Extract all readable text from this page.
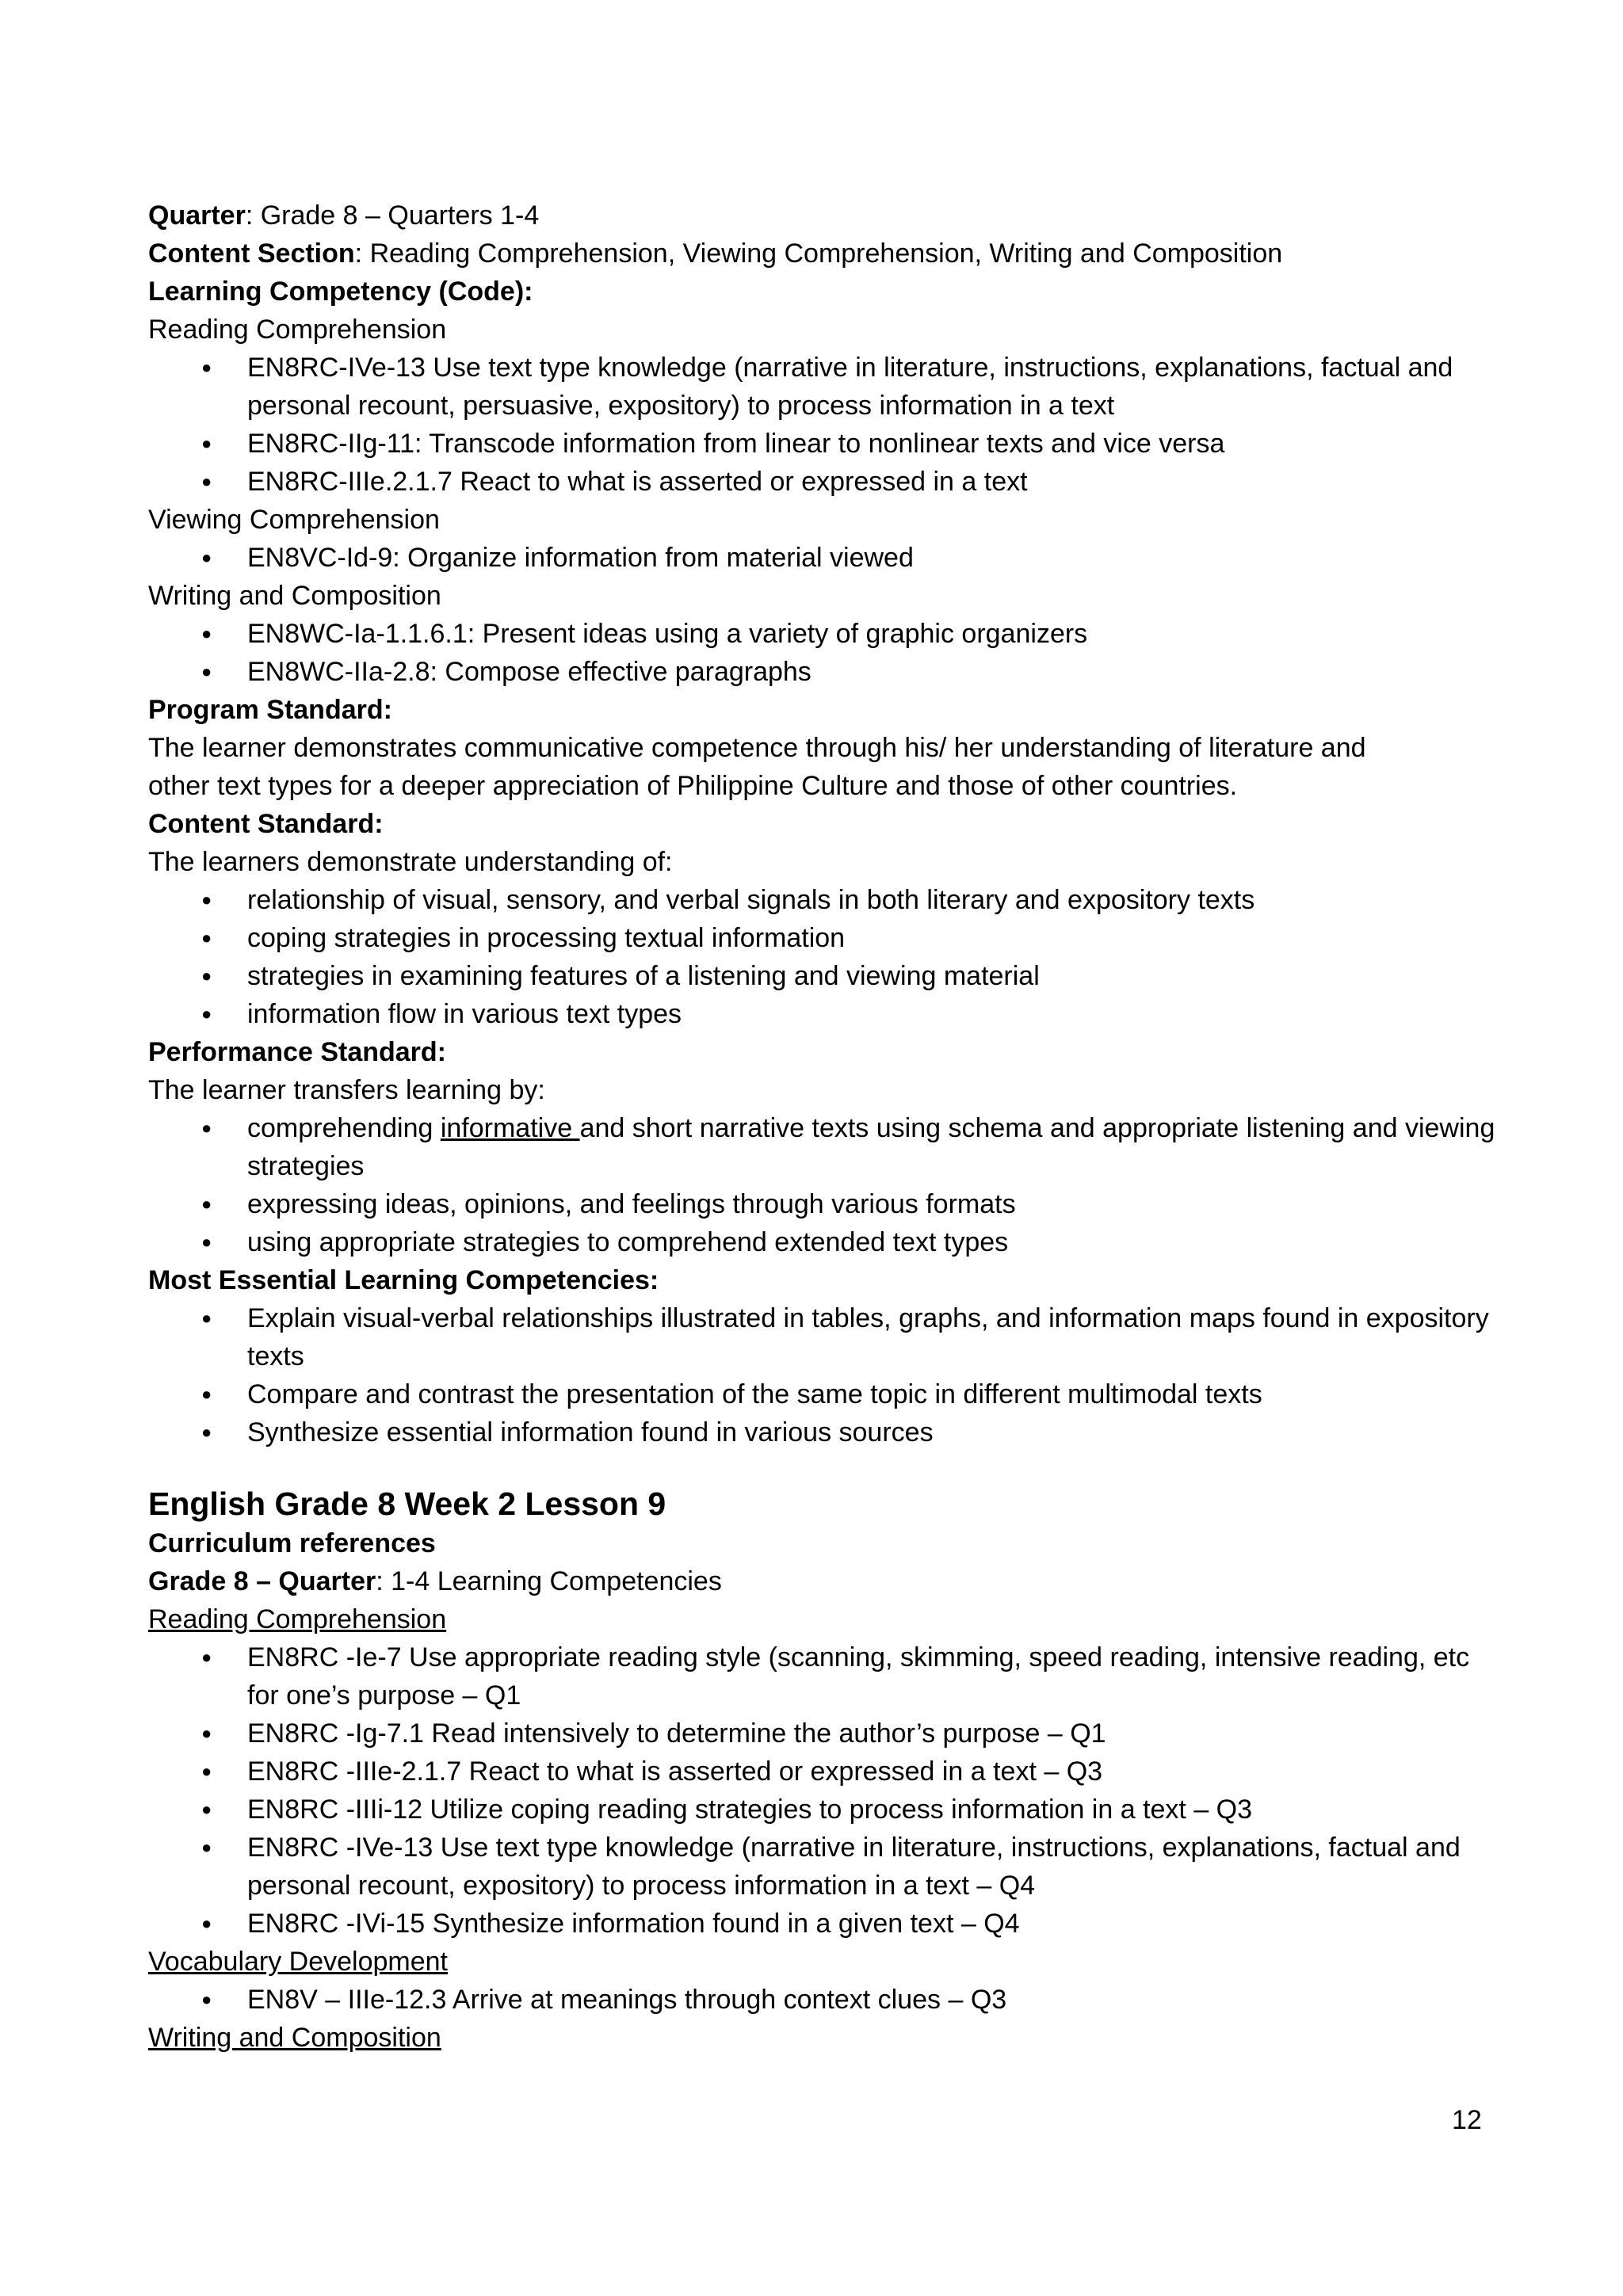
Quarter: Grade 8 – Quarters 1-4

Content Section: Reading Comprehension, Viewing Comprehension, Writing and Composition

Learning Competency (Code):

Reading Comprehension

● EN8RC-IVe-13 Use text type knowledge (narrative in literature, instructions, explanations, factual and personal recount, persuasive, expository) to process information in a text
● EN8RC-IIg-11: Transcode information from linear to nonlinear texts and vice versa
● EN8RC-IIIe.2.1.7 React to what is asserted or expressed in a text

Viewing Comprehension

● EN8VC-Id-9: Organize information from material viewed

Writing and Composition

● EN8WC-Ia-1.1.6.1: Present ideas using a variety of graphic organizers
● EN8WC-IIa-2.8: Compose effective paragraphs

Program Standard:

The learner demonstrates communicative competence through his/ her understanding of literature and

other text types for a deeper appreciation of Philippine Culture and those of other countries.

Content Standard:

The learners demonstrate understanding of:

● relationship of visual, sensory, and verbal signals in both literary and expository texts
● coping strategies in processing textual information
● strategies in examining features of a listening and viewing material
● information flow in various text types

Performance Standard:

The learner transfers learning by:

● comprehending informative and short narrative texts using schema and appropriate listening and viewing strategies
● expressing ideas, opinions, and feelings through various formats
● using appropriate strategies to comprehend extended text types

Most Essential Learning Competencies:

● Explain visual-verbal relationships illustrated in tables, graphs, and information maps found in expository texts
● Compare and contrast the presentation of the same topic in different multimodal texts
● Synthesize essential information found in various sources

English Grade 8 Week 2 Lesson 9

Curriculum references

Grade 8 – Quarter: 1-4 Learning Competencies

Reading Comprehension

● EN8RC -Ie-7 Use appropriate reading style (scanning, skimming, speed reading, intensive reading, etc for one’s purpose – Q1
● EN8RC -Ig-7.1 Read intensively to determine the author’s purpose – Q1
● EN8RC -IIIe-2.1.7 React to what is asserted or expressed in a text – Q3
● EN8RC -IIIi-12 Utilize coping reading strategies to process information in a text – Q3
● EN8RC -IVe-13 Use text type knowledge (narrative in literature, instructions, explanations, factual and personal recount, expository) to process information in a text – Q4
● EN8RC -IVi-15 Synthesize information found in a given text – Q4

Vocabulary Development

● EN8V – IIIe-12.3 Arrive at meanings through context clues – Q3

Writing and Composition

12
